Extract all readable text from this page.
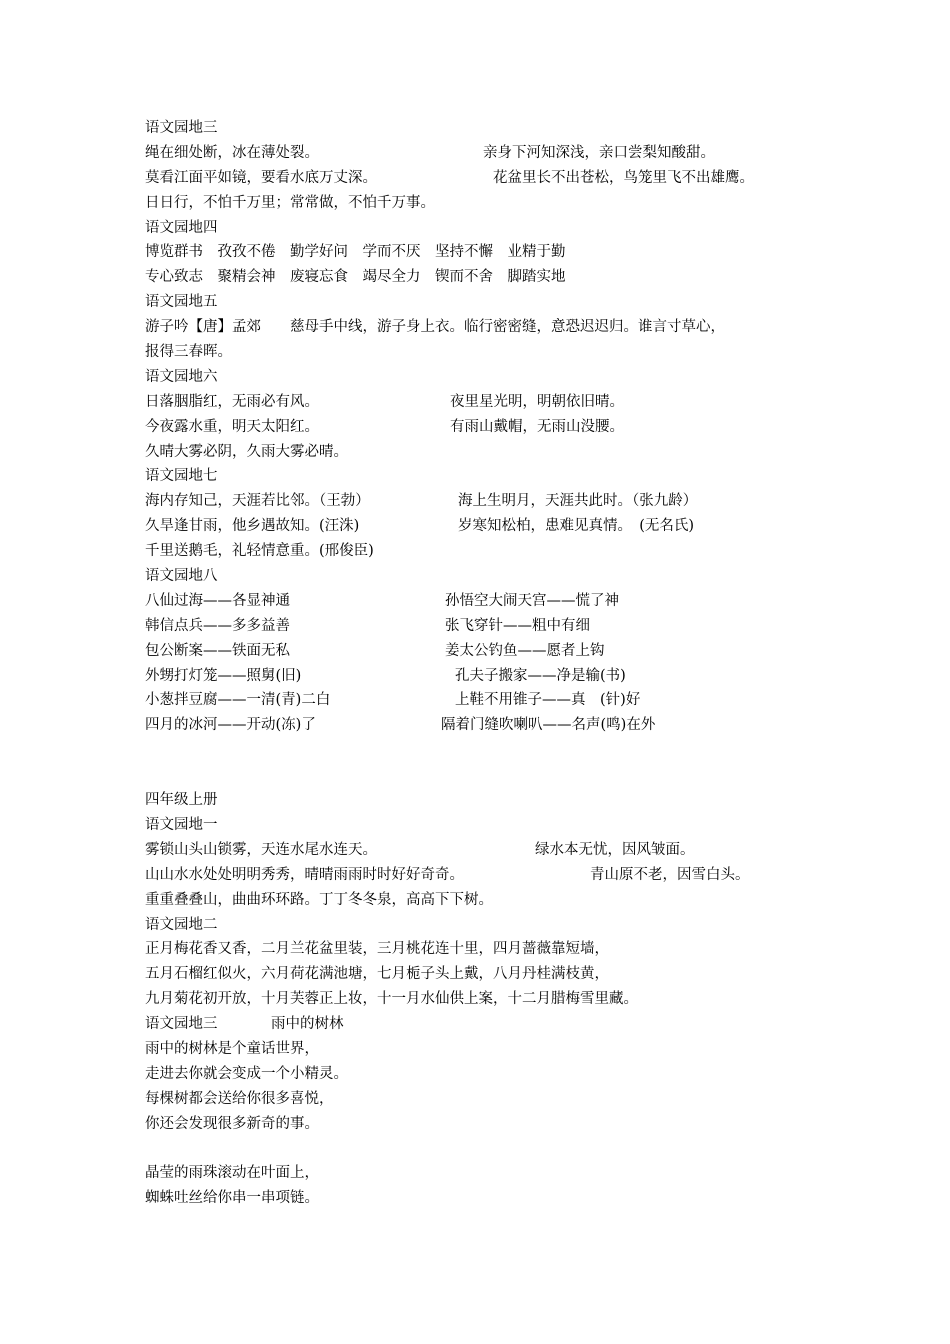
语文园地三
绳在细处断，冰在薄处裂。	亲身下河知深浅，亲口尝梨知酸甜。
莫看江面平如镜，要看水底万丈深。	花盆里长不出苍松，鸟笼里飞不出雄鹰。
日日行，不怕千万里；常常做，不怕千万事。
语文园地四
博览群书　孜孜不倦　勤学好问　学而不厌　坚持不懈　业精于勤
专心致志　聚精会神　废寝忘食　竭尽全力　锲而不舍　脚踏实地
语文园地五
游子吟【唐】孟郊　　慈母手中线，游子身上衣。临行密密缝，意恐迟迟归。谁言寸草心，
报得三春晖。
语文园地六
日落胭脂红，无雨必有风。	夜里星光明，明朝依旧晴。
今夜露水重，明天太阳红。	有雨山戴帽，无雨山没腰。
久晴大雾必阴，久雨大雾必晴。
语文园地七
海内存知己，天涯若比邻。（王勃）	海上生明月，天涯共此时。（张九龄）
久旱逢甘雨，他乡遇故知。(汪洙)	岁寒知松柏，患难见真情。　(无名氏)
千里送鹅毛，礼轻情意重。(邢俊臣)
语文园地八
八仙过海——各显神通	孙悟空大闹天宫——慌了神
韩信点兵——多多益善	张飞穿针——粗中有细
包公断案——铁面无私	姜太公钓鱼——愿者上钩
外甥打灯笼——照舅(旧)	孔夫子搬家——净是输(书)
小葱拌豆腐——一清(青)二白	上鞋不用锥子——真　(针)好
四月的冰河——开动(冻)了	隔着门缝吹喇叭——名声(鸣)在外
四年级上册
语文园地一
雾锁山头山锁雾，天连水尾水连天。	绿水本无忧，因风皱面。
山山水水处处明明秀秀，晴晴雨雨时时好好奇奇。	青山原不老，因雪白头。
重重叠叠山，曲曲环环路。丁丁冬冬泉，高高下下树。
语文园地二
正月梅花香又香，二月兰花盆里装，三月桃花连十里，四月蔷薇靠短墙，
五月石榴红似火，六月荷花满池塘，七月栀子头上戴，八月丹桂满枝黄，
九月菊花初开放，十月芙蓉正上妆，十一月水仙供上案，十二月腊梅雪里藏。
语文园地三	雨中的树林
雨中的树林是个童话世界，
走进去你就会变成一个小精灵。
每棵树都会送给你很多喜悦，
你还会发现很多新奇的事。
晶莹的雨珠滚动在叶面上，
蜘蛛吐丝给你串一串项链。
